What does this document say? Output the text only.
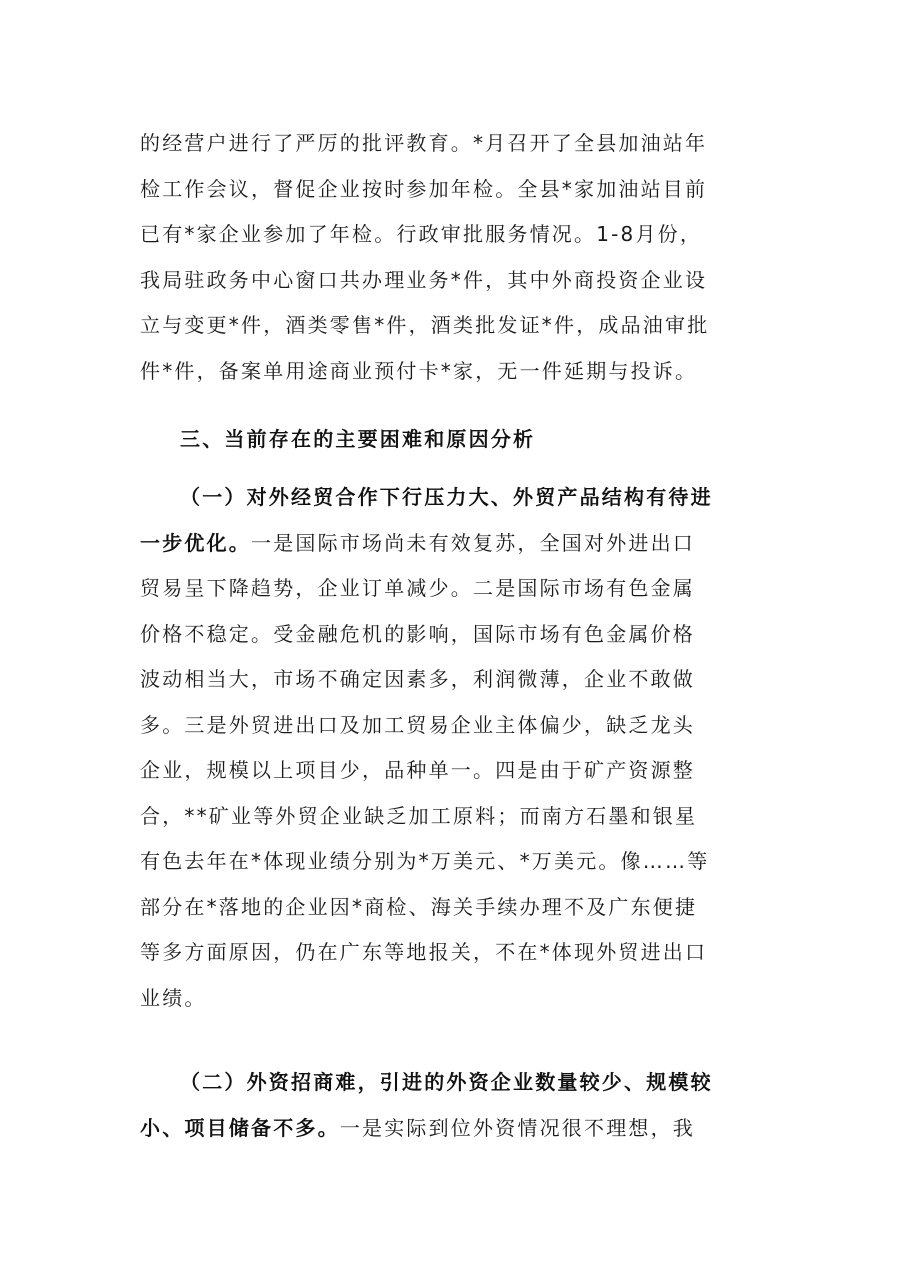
的经营户进行了严厉的批评教育。*月召开了全县加油站年
检工作会议，督促企业按时参加年检。全县*家加油站目前
已有*家企业参加了年检。行政审批服务情况。1-8月份，
我局驻政务中心窗口共办理业务*件，其中外商投资企业设
立与变更*件，酒类零售*件，酒类批发证*件，成品油审批
件*件，备案单用途商业预付卡*家，无一件延期与投诉。
三、当前存在的主要困难和原因分析
（一）对外经贸合作下行压力大、外贸产品结构有待进
一步优化。一是国际市场尚未有效复苏，全国对外进出口
贸易呈下降趋势，企业订单减少。二是国际市场有色金属
价格不稳定。受金融危机的影响，国际市场有色金属价格
波动相当大，市场不确定因素多，利润微薄，企业不敢做
多。三是外贸进出口及加工贸易企业主体偏少，缺乏龙头
企业，规模以上项目少，品种单一。四是由于矿产资源整
合，**矿业等外贸企业缺乏加工原料；而南方石墨和银星
有色去年在*体现业绩分别为*万美元、*万美元。像……等
部分在*落地的企业因*商检、海关手续办理不及广东便捷
等多方面原因，仍在广东等地报关，不在*体现外贸进出口
业绩。
（二）外资招商难，引进的外资企业数量较少、规模较
小、项目储备不多。一是实际到位外资情况很不理想，我
